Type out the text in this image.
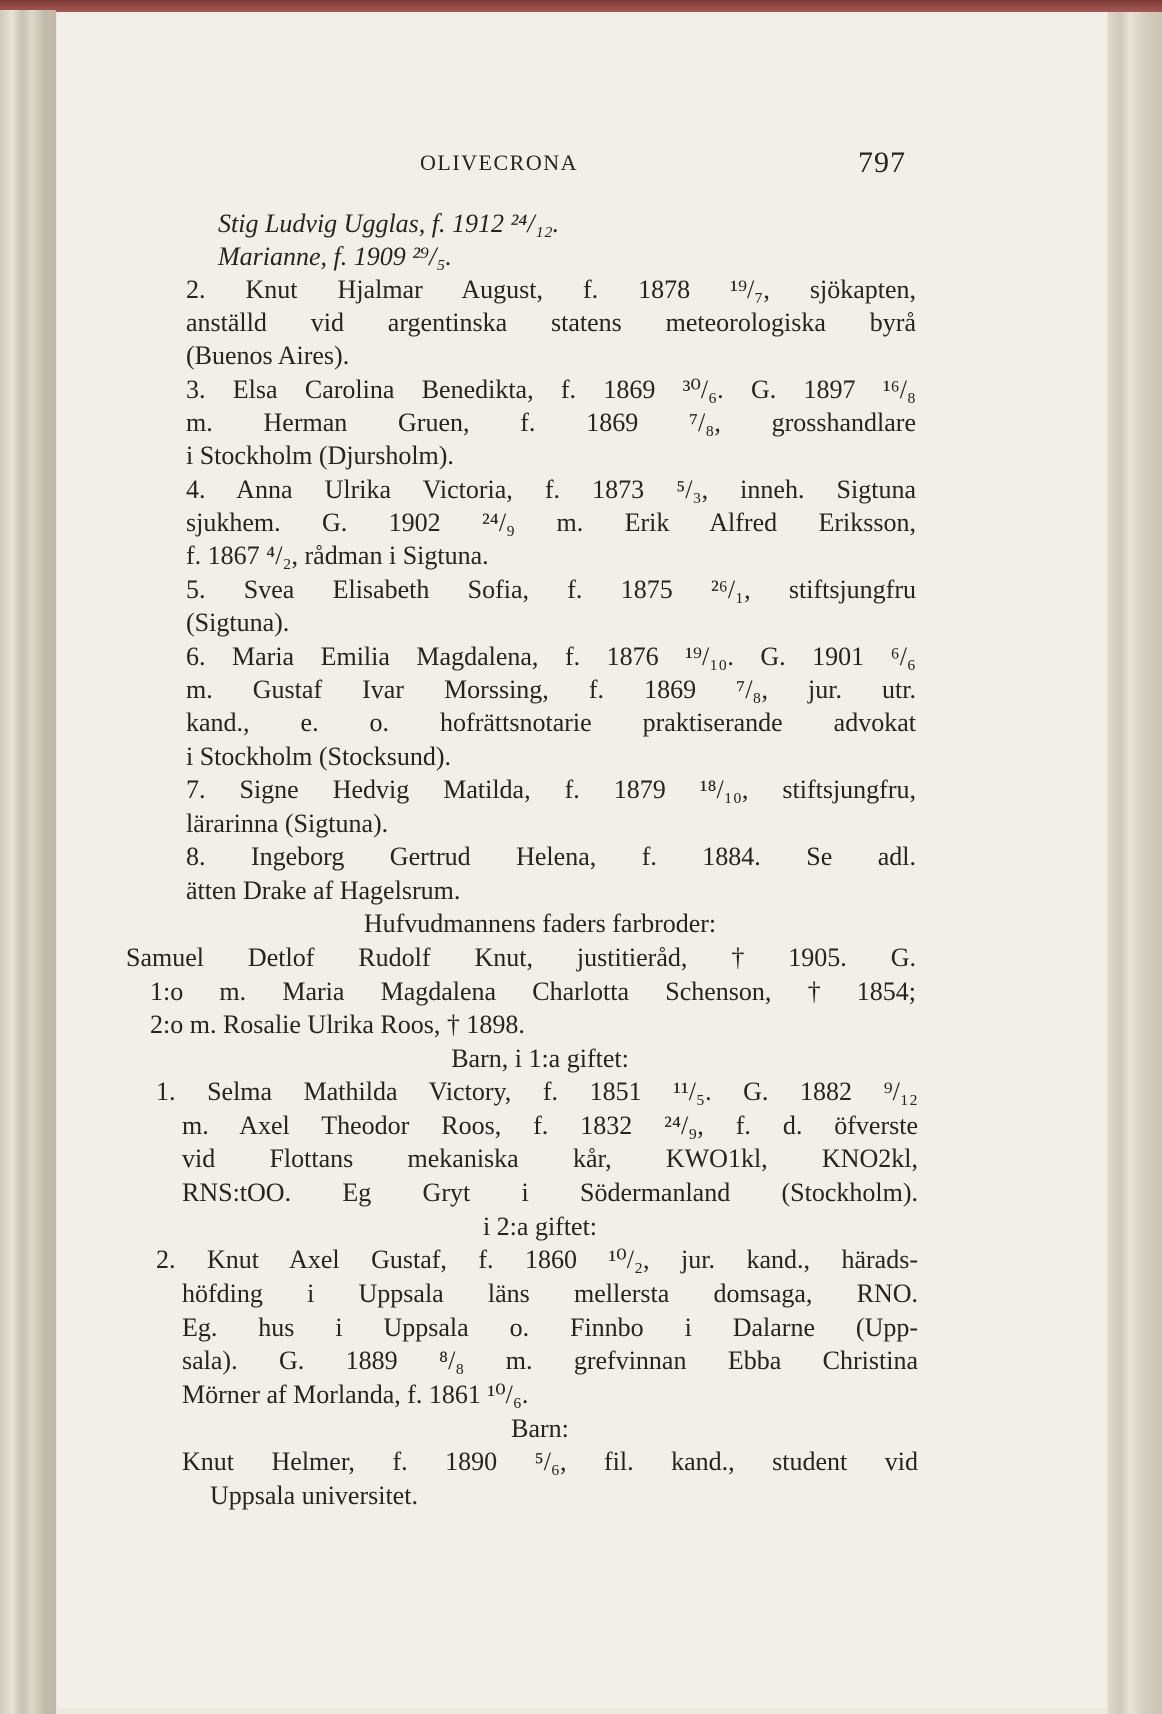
OLIVECRONA	797
Stig Ludvig Ugglas, f. 1912 ²⁴/₁₂.
Marianne, f. 1909 ²⁹/₅.
2. Knut Hjalmar August, f. 1878 ¹⁹/₇, sjökapten,
anställd vid argentinska statens meteorologiska byrå
(Buenos Aires).
3. Elsa Carolina Benedikta, f. 1869 ³⁰/₆. G. 1897 ¹⁶/₈
m. Herman Gruen, f. 1869 ⁷/₈, grosshandlare
i Stockholm (Djursholm).
4. Anna Ulrika Victoria, f. 1873 ⁵/₃, inneh. Sigtuna
sjukhem. G. 1902 ²⁴/₉ m. Erik Alfred Eriksson,
f. 1867 ⁴/₂, rådman i Sigtuna.
5. Svea Elisabeth Sofia, f. 1875 ²⁶/₁, stiftsjungfru
(Sigtuna).
6. Maria Emilia Magdalena, f. 1876 ¹⁹/₁₀. G. 1901 ⁶/₆
m. Gustaf Ivar Morssing, f. 1869 ⁷/₈, jur. utr.
kand., e. o. hofrättsnotarie praktiserande advokat
i Stockholm (Stocksund).
7. Signe Hedvig Matilda, f. 1879 ¹⁸/₁₀, stiftsjungfru,
lärarinna (Sigtuna).
8. Ingeborg Gertrud Helena, f. 1884. Se adl.
ätten Drake af Hagelsrum.
Hufvudmannens faders farbroder:
Samuel Detlof Rudolf Knut, justitieråd, † 1905. G.
1:o m. Maria Magdalena Charlotta Schenson, † 1854;
2:o m. Rosalie Ulrika Roos, † 1898.
Barn, i 1:a giftet:
1. Selma Mathilda Victory, f. 1851 ¹¹/₅. G. 1882 ⁹/₁₂
m. Axel Theodor Roos, f. 1832 ²⁴/₉, f. d. öfverste
vid Flottans mekaniska kår, KWO1kl, KNO2kl,
RNS:tOO. Eg Gryt i Södermanland (Stockholm).
i 2:a giftet:
2. Knut Axel Gustaf, f. 1860 ¹⁰/₂, jur. kand., härads-
höfding i Uppsala läns mellersta domsaga, RNO.
Eg. hus i Uppsala o. Finnbo i Dalarne (Upp-
sala). G. 1889 ⁸/₈ m. grefvinnan Ebba Christina
Mörner af Morlanda, f. 1861 ¹⁰/₆.
Barn:
Knut Helmer, f. 1890 ⁵/₆, fil. kand., student vid
Uppsala universitet.
